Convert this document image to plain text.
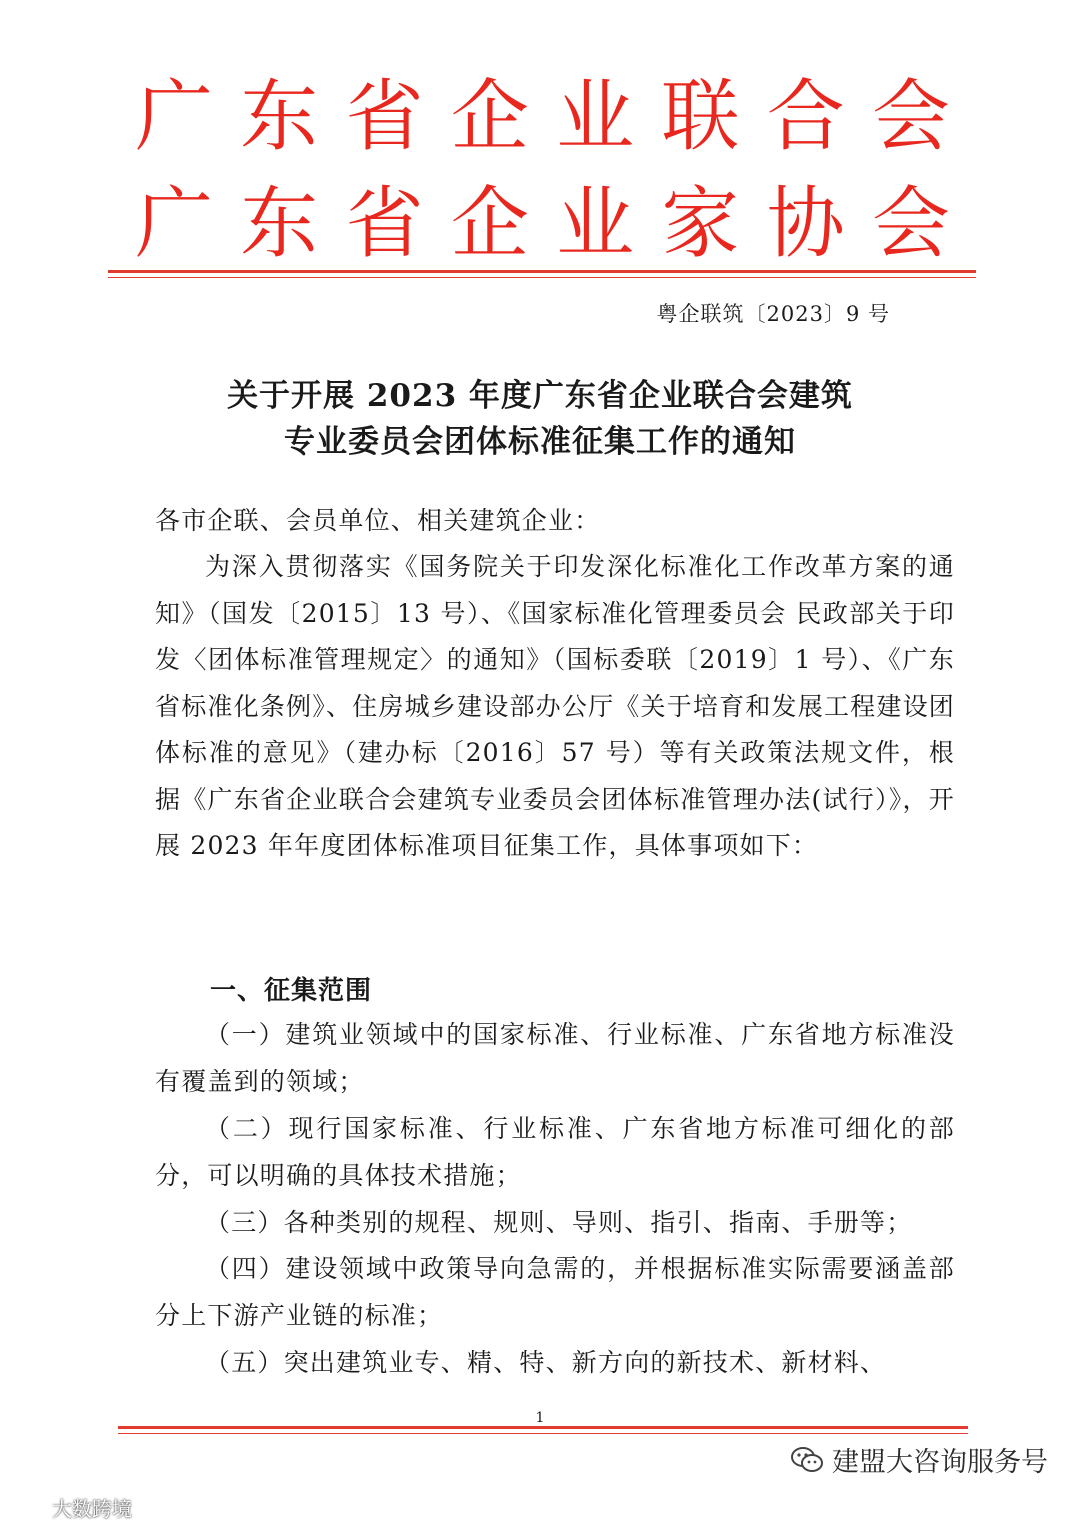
广 东 省 企 业 联 合 会
广 东 省 企 业 家 协 会
粤企联筑〔2023〕9 号
关于开展 2023 年度广东省企业联合会建筑
专业委员会团体标准征集工作的通知
各市企联、会员单位、相关建筑企业：
为深入贯彻落实《国务院关于印发深化标准化工作改革方案的通知》（国发〔2015〕13 号）、《国家标准化管理委员会 民政部关于印发〈团体标准管理规定〉的通知》（国标委联〔2019〕1 号）、《广东省标准化条例》、住房城乡建设部办公厅《关于培育和发展工程建设团体标准的意见》（建办标〔2016〕57 号）等有关政策法规文件，根据《广东省企业联合会建筑专业委员会团体标准管理办法(试行）》，开展 2023 年年度团体标准项目征集工作，具体事项如下：
一、征集范围
（一）建筑业领域中的国家标准、行业标准、广东省地方标准没有覆盖到的领域；
（二）现行国家标准、行业标准、广东省地方标准可细化的部分，可以明确的具体技术措施；
（三）各种类别的规程、规则、导则、指引、指南、手册等；
（四）建设领域中政策导向急需的，并根据标准实际需要涵盖部分上下游产业链的标准；
（五）突出建筑业专、精、特、新方向的新技术、新材料、
1
建盟大咨询服务号
大数跨境
